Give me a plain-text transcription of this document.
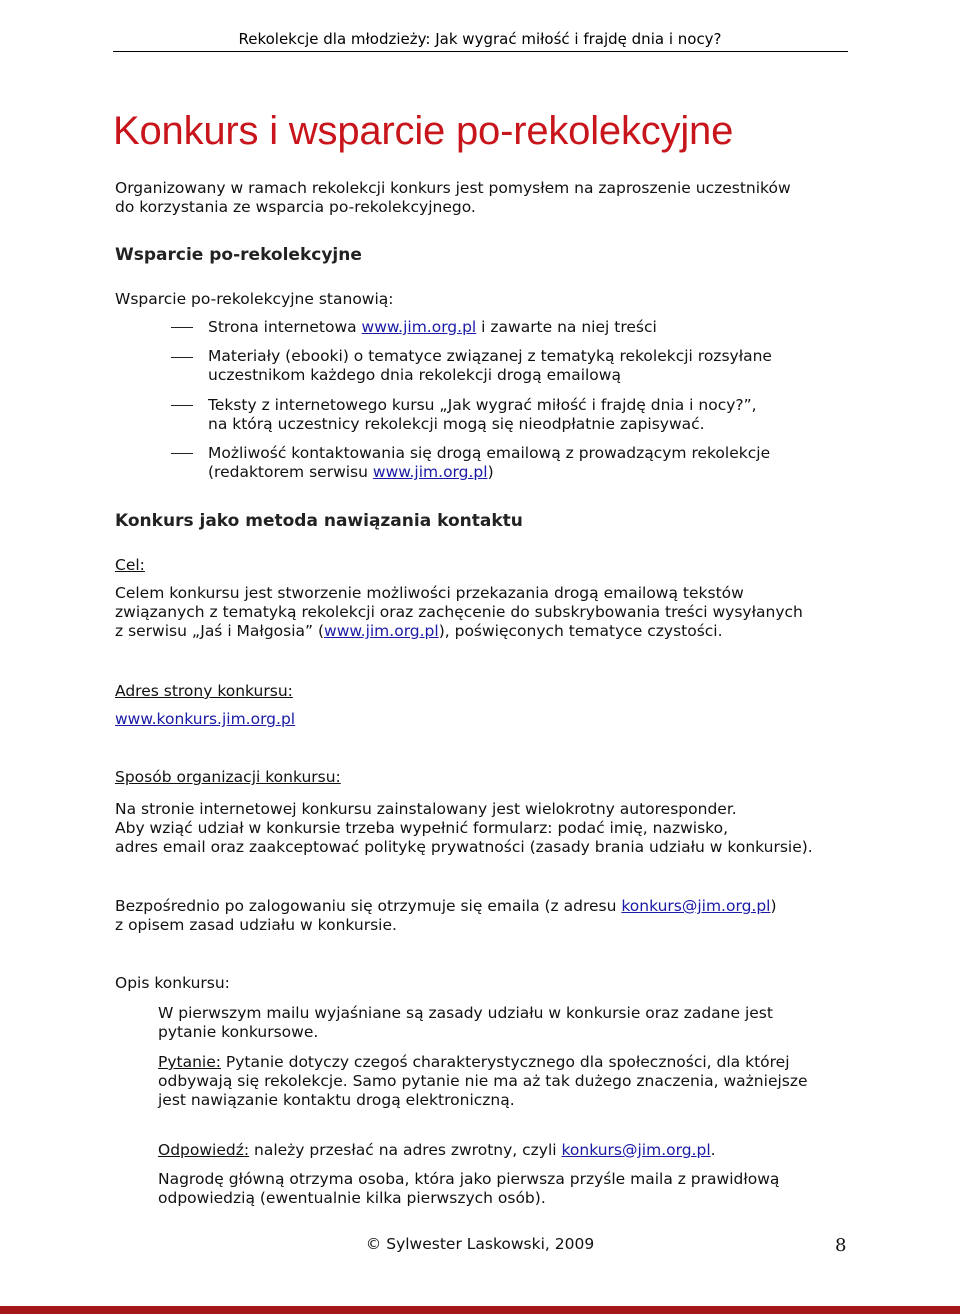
Rekolekcje dla młodzieży: Jak wygrać miłość i frajdę dnia i nocy?
Konkurs i wsparcie po-rekolekcyjne
Organizowany w ramach rekolekcji konkurs jest pomysłem na zaproszenie uczestników
do korzystania ze wsparcia po-rekolekcyjnego.
Wsparcie po-rekolekcyjne
Wsparcie po-rekolekcyjne stanowią:
Strona internetowa www.jim.org.pl i zawarte na niej treści
Materiały (ebooki) o tematyce związanej z tematyką rekolekcji rozsyłane
uczestnikom każdego dnia rekolekcji drogą emailową
Teksty z internetowego kursu „Jak wygrać miłość i frajdę dnia i nocy?”,
na którą uczestnicy rekolekcji mogą się nieodpłatnie zapisywać.
Możliwość kontaktowania się drogą emailową z prowadzącym rekolekcje
(redaktorem serwisu www.jim.org.pl)
Konkurs jako metoda nawiązania kontaktu
Cel:
Celem konkursu jest stworzenie możliwości przekazania drogą emailową tekstów
związanych z tematyką rekolekcji oraz zachęcenie do subskrybowania treści wysyłanych
z serwisu „Jaś i Małgosia” (www.jim.org.pl), poświęconych tematyce czystości.
Adres strony konkursu:
www.konkurs.jim.org.pl
Sposób organizacji konkursu:
Na stronie internetowej konkursu zainstalowany jest wielokrotny autoresponder.
Aby wziąć udział w konkursie trzeba wypełnić formularz: podać imię, nazwisko,
adres email oraz zaakceptować politykę prywatności (zasady brania udziału w konkursie).
Bezpośrednio po zalogowaniu się otrzymuje się emaila (z adresu konkurs@jim.org.pl)
z opisem zasad udziału w konkursie.
Opis konkursu:
W pierwszym mailu wyjaśniane są zasady udziału w konkursie oraz zadane jest
pytanie konkursowe.
Pytanie: Pytanie dotyczy czegoś charakterystycznego dla społeczności, dla której
odbywają się rekolekcje. Samo pytanie nie ma aż tak dużego znaczenia, ważniejsze
jest nawiązanie kontaktu drogą elektroniczną.
Odpowiedź: należy przesłać na adres zwrotny, czyli konkurs@jim.org.pl.
Nagrodę główną otrzyma osoba, która jako pierwsza przyśle maila z prawidłową
odpowiedzią (ewentualnie kilka pierwszych osób).
© Sylwester Laskowski, 2009	8
